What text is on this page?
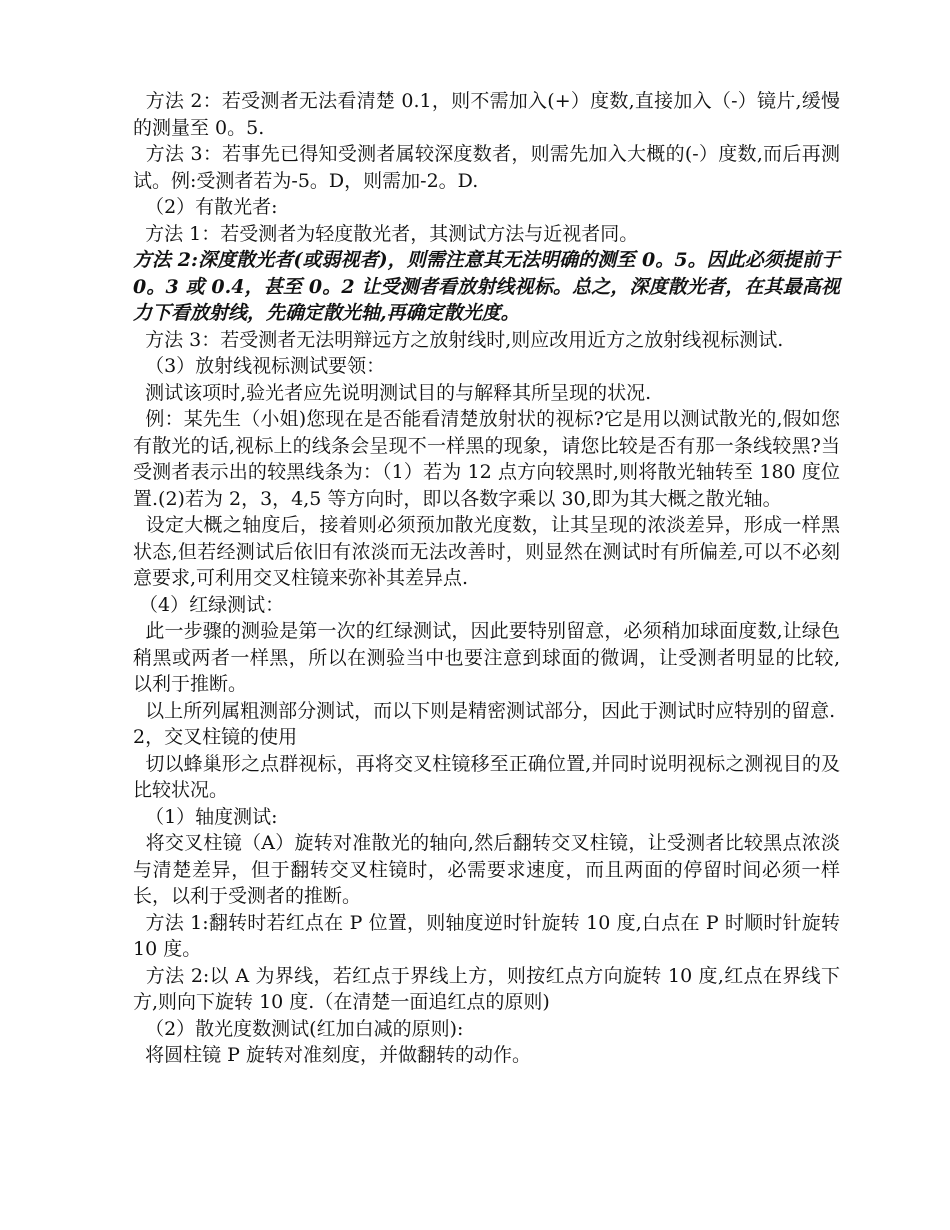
方法 2：若受测者无法看清楚 0.1，则不需加入(+）度数,直接加入（-）镜片,缓慢的测量至 0。5.

方法 3：若事先已得知受测者属较深度数者，则需先加入大概的(-）度数,而后再测试。例:受测者若为-5。D，则需加-2。D.

（2）有散光者:

方法 1：若受测者为轻度散光者，其测试方法与近视者同。

方法 2:深度散光者(或弱视者)，则需注意其无法明确的测至 0。5。因此必须提前于 0。3 或 0.4，甚至 0。2 让受测者看放射线视标。总之，深度散光者，在其最高视力下看放射线，先确定散光轴,再确定散光度。

方法 3：若受测者无法明辩远方之放射线时,则应改用近方之放射线视标测试.

（3）放射线视标测试要领：

测试该项时,验光者应先说明测试目的与解释其所呈现的状况.

例：某先生（小姐)您现在是否能看清楚放射状的视标?它是用以测试散光的,假如您有散光的话,视标上的线条会呈现不一样黑的现象，请您比较是否有那一条线较黑?当受测者表示出的较黑线条为：（1）若为 12 点方向较黑时,则将散光轴转至 180 度位置.(2)若为 2，3，4,5 等方向时，即以各数字乘以 30,即为其大概之散光轴。

设定大概之轴度后，接着则必须预加散光度数，让其呈现的浓淡差异，形成一样黑状态,但若经测试后依旧有浓淡而无法改善时，则显然在测试时有所偏差,可以不必刻意要求,可利用交叉柱镜来弥补其差异点.

（4）红绿测试：

此一步骤的测验是第一次的红绿测试，因此要特别留意，必须稍加球面度数,让绿色稍黑或两者一样黑，所以在测验当中也要注意到球面的微调，让受测者明显的比较,以利于推断。

以上所列属粗测部分测试，而以下则是精密测试部分，因此于测试时应特别的留意.

2，交叉柱镜的使用

切以蜂巢形之点群视标，再将交叉柱镜移至正确位置,并同时说明视标之测视目的及比较状况。

（1）轴度测试:

将交叉柱镜（A）旋转对准散光的轴向,然后翻转交叉柱镜，让受测者比较黑点浓淡与清楚差异，但于翻转交叉柱镜时，必需要求速度，而且两面的停留时间必须一样长，以利于受测者的推断。

方法 1:翻转时若红点在 P 位置，则轴度逆时针旋转 10 度,白点在 P 时顺时针旋转 10 度。

方法 2:以 A 为界线，若红点于界线上方，则按红点方向旋转 10 度,红点在界线下方,则向下旋转 10 度.（在清楚一面追红点的原则)

（2）散光度数测试(红加白减的原则):

将圆柱镜 P 旋转对准刻度，并做翻转的动作。
